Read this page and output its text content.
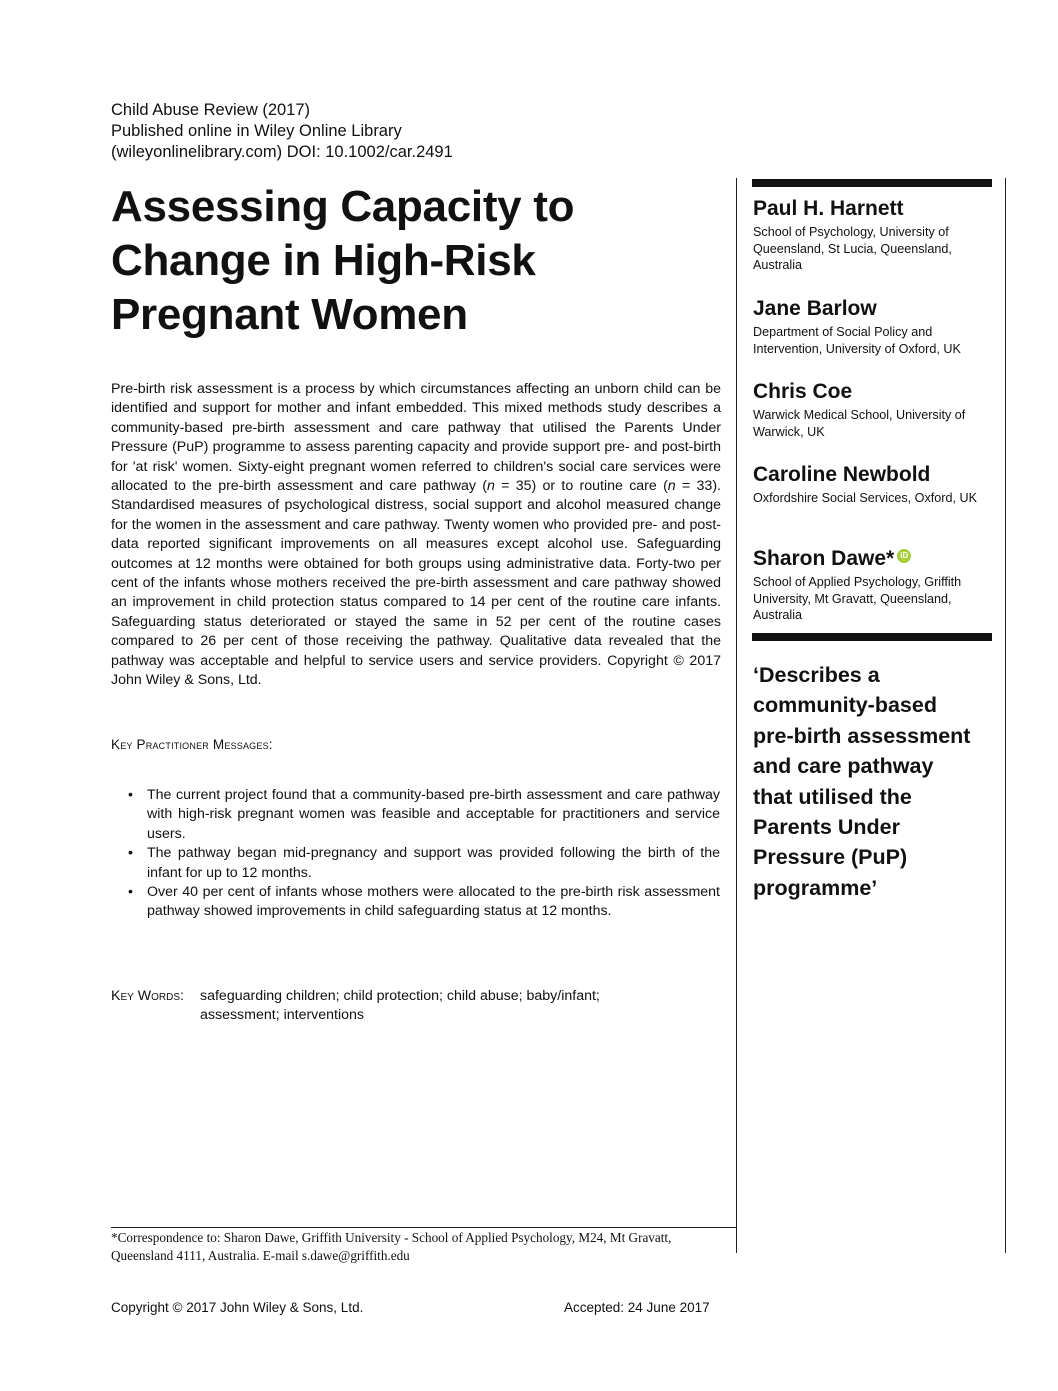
Child Abuse Review (2017)
Published online in Wiley Online Library
(wileyonlinelibrary.com) DOI: 10.1002/car.2491
Assessing Capacity to
Change in High-Risk
Pregnant Women
Pre-birth risk assessment is a process by which circumstances affecting an unborn child can be identified and support for mother and infant embedded. This mixed methods study describes a community-based pre-birth assessment and care pathway that utilised the Parents Under Pressure (PuP) programme to assess parenting capacity and provide support pre- and post-birth for 'at risk' women. Sixty-eight pregnant women referred to children's social care services were allocated to the pre-birth assessment and care pathway (n = 35) or to routine care (n = 33). Standardised measures of psychological distress, social support and alcohol measured change for the women in the assessment and care pathway. Twenty women who provided pre- and post-data reported significant improvements on all measures except alcohol use. Safeguarding outcomes at 12 months were obtained for both groups using administrative data. Forty-two per cent of the infants whose mothers received the pre-birth assessment and care pathway showed an improvement in child protection status compared to 14 per cent of the routine care infants. Safeguarding status deteriorated or stayed the same in 52 per cent of the routine cases compared to 26 per cent of those receiving the pathway. Qualitative data revealed that the pathway was acceptable and helpful to service users and service providers. Copyright © 2017 John Wiley & Sons, Ltd.
Key Practitioner Messages:
• The current project found that a community-based pre-birth assessment and care pathway with high-risk pregnant women was feasible and acceptable for practitioners and service users.
• The pathway began mid-pregnancy and support was provided following the birth of the infant for up to 12 months.
• Over 40 per cent of infants whose mothers were allocated to the pre-birth risk assessment pathway showed improvements in child safeguarding status at 12 months.
Key Words:	safeguarding children; child protection; child abuse; baby/infant; assessment; interventions
*Correspondence to: Sharon Dawe, Griffith University - School of Applied Psychology, M24, Mt Gravatt, Queensland 4111, Australia. E-mail s.dawe@griffith.edu
Copyright © 2017 John Wiley & Sons, Ltd.	Accepted: 24 June 2017
Paul H. Harnett
School of Psychology, University of Queensland, St Lucia, Queensland, Australia
Jane Barlow
Department of Social Policy and Intervention, University of Oxford, UK
Chris Coe
Warwick Medical School, University of Warwick, UK
Caroline Newbold
Oxfordshire Social Services, Oxford, UK
Sharon Dawe* iD
School of Applied Psychology, Griffith University, Mt Gravatt, Queensland, Australia
‘Describes a
community-based
pre-birth assessment
and care pathway
that utilised the
Parents Under
Pressure (PuP)
programme’
